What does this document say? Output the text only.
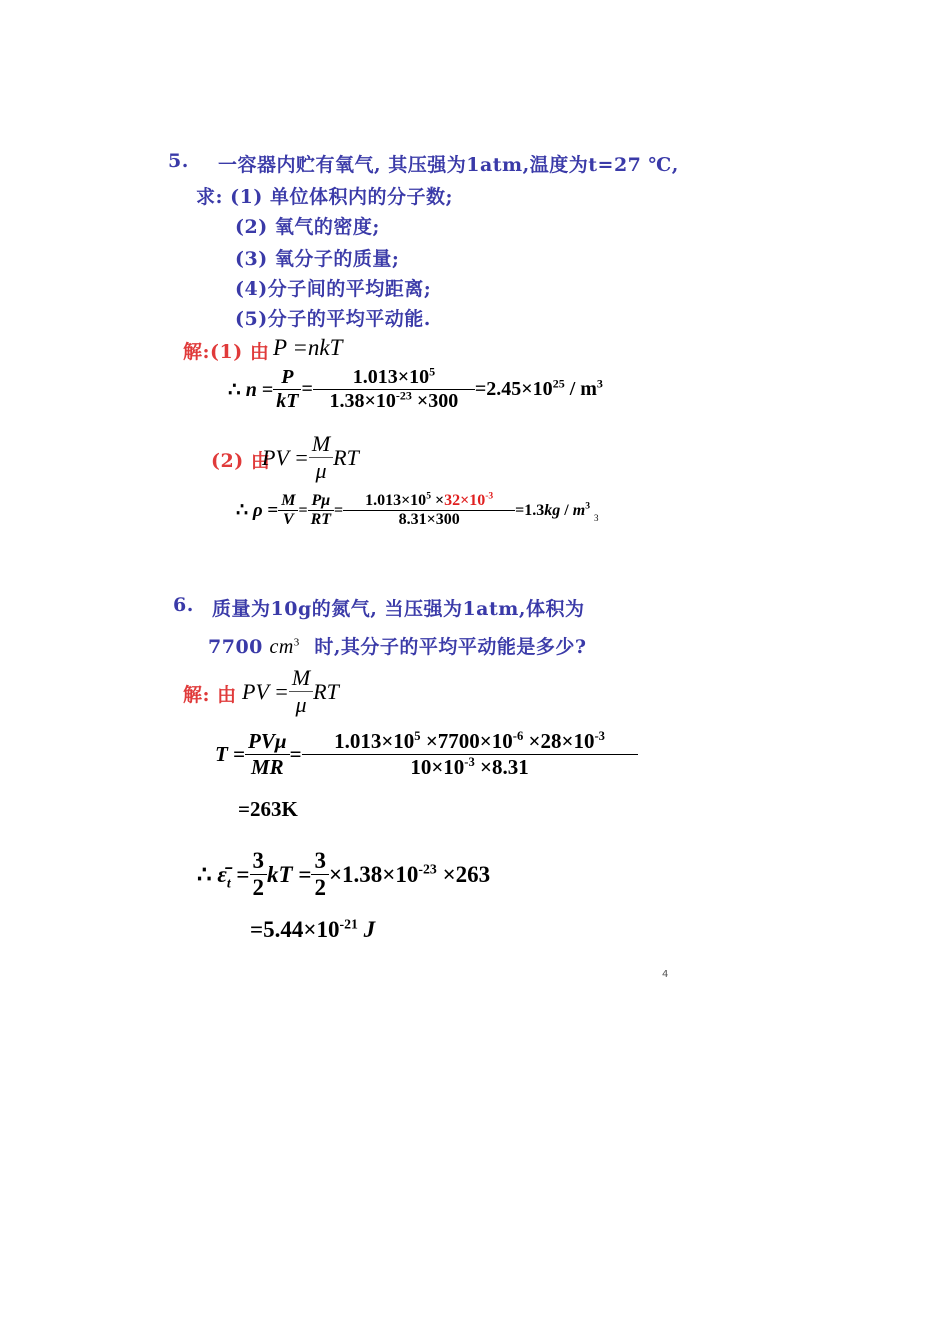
5. 一容器内贮有氧气, 其压强为1atm,温度为t=27 ℃,
求: (1) 单位体积内的分子数;
(2) 氧气的密度;
(3) 氧分子的质量;
(4)分子间的平均距离;
(5)分子的平均平动能.
解:(1) 由 P =nkT
∴ $n = \frac{P}{kT} = \frac{1.013\times 10^5}{1.38\times 10^{-23} \times 300} =2.45\times 10^{25} / m^3$
(2) 由
PV = $\frac{M}{\mu}$ RT
∴ $\rho = \frac{M}{V} = \frac{P\mu}{RT} = \frac{1.013\times 10^5 \times 32\times 10^{-3}}{8.31\times 300} =1.3kg / m^33$
6. 质量为10g的氮气, 当压强为1atm,体积为
7700 $cm^3$ 时,其分子的平均平动能是多少?
解: 由 PV = $\frac{M}{\mu}$ RT
T =
PVμ
MR
= $\frac{1.013\times 10^5 \times 7700\times 10^{-6} \times 28\times 10^{-3}}{10\times 10^{-3} \times 8.31}$
=263K
∴ $\varepsilon̄_t = \frac{3}{2}$ kT = $\frac{3}{2} \times 1.38\times 10^{-23} \times 263$
$=5.44\times 10^{-21}$ J
4
